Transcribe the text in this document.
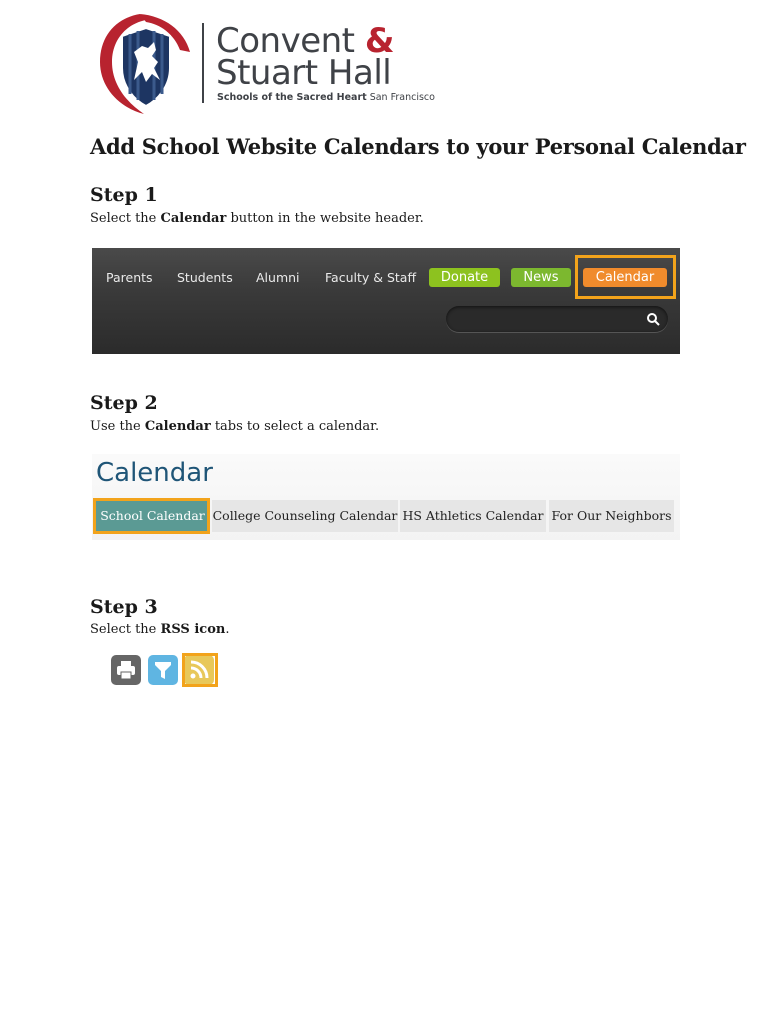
Convent &
Stuart Hall
Schools of the Sacred Heart San Francisco
Add School Website Calendars to your Personal Calendar
Step 1
Select the Calendar button in the website header.
Parents Students Alumni Faculty & Staff	Donate	News	Calendar
Step 2
Use the Calendar tabs to select a calendar.
Calendar
School Calendar College Counseling Calendar HS Athletics Calendar For Our Neighbors
Step 3
Select the RSS icon.
